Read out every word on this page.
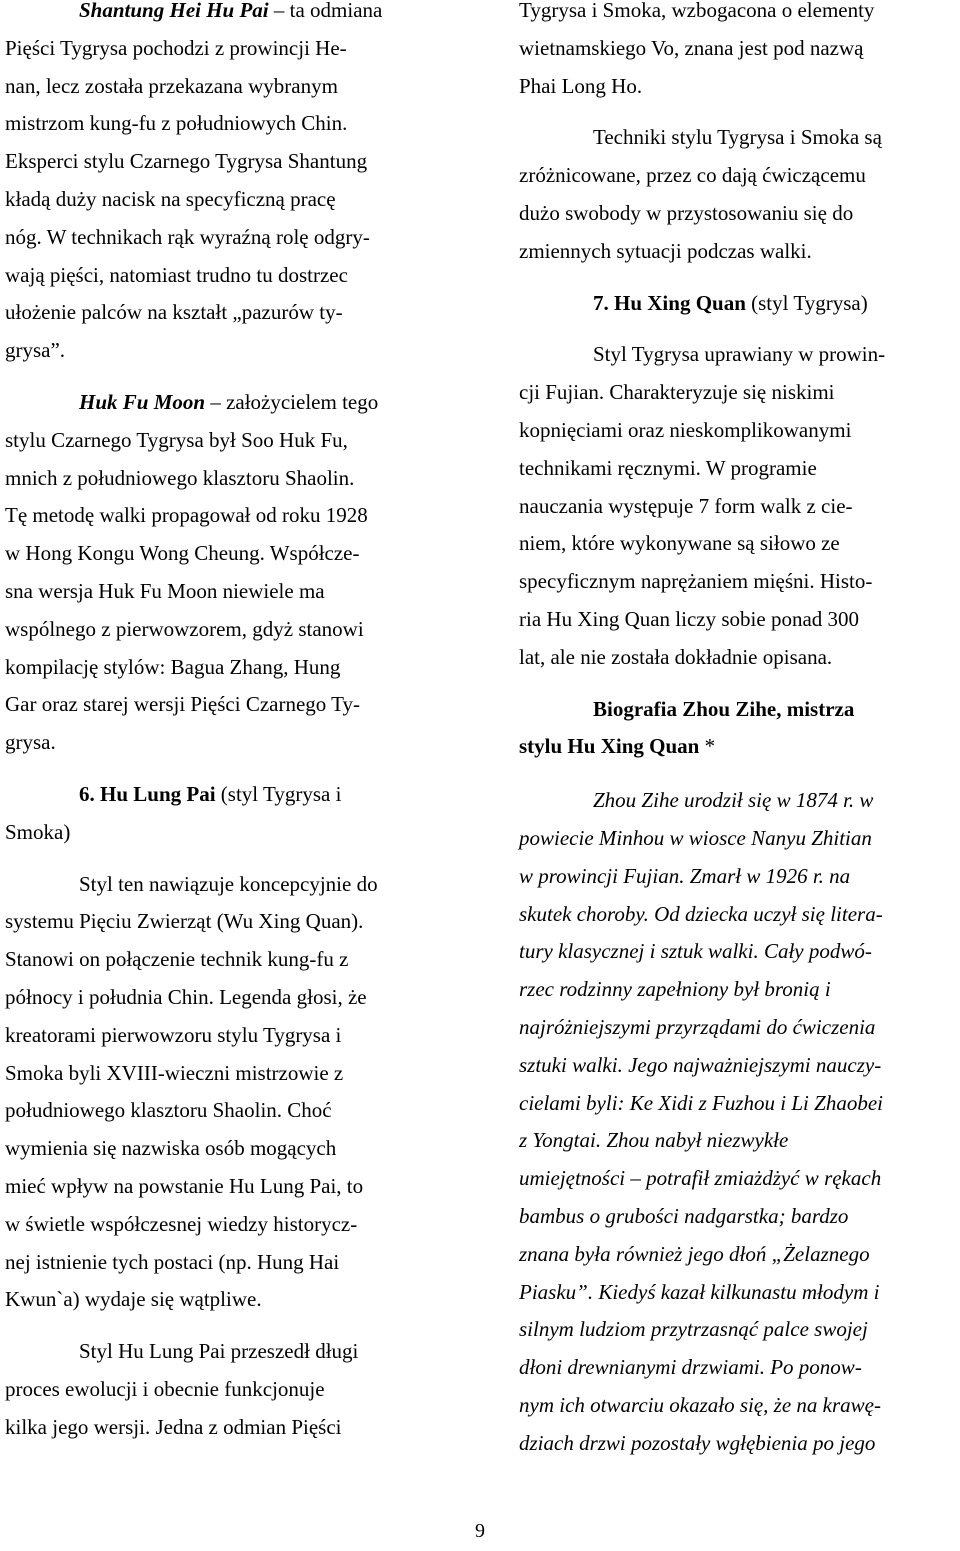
Shantung Hei Hu Pai – ta odmiana
Pięści Tygrysa pochodzi z prowincji He-
nan, lecz została przekazana wybranym
mistrzom kung-fu z południowych Chin.
Eksperci stylu Czarnego Tygrysa Shantung
kładą duży nacisk na specyficzną pracę
nóg. W technikach rąk wyraźną rolę odgry-
wają pięści, natomiast trudno tu dostrzec
ułożenie palców na kształt „pazurów ty-
grysa”.
Huk Fu Moon – założycielem tego
stylu Czarnego Tygrysa był Soo Huk Fu,
mnich z południowego klasztoru Shaolin.
Tę metodę walki propagował od roku 1928
w Hong Kongu Wong Cheung. Współcze-
sna wersja Huk Fu Moon niewiele ma
wspólnego z pierwowzorem, gdyż stanowi
kompilację stylów: Bagua Zhang, Hung
Gar oraz starej wersji Pięści Czarnego Ty-
grysa.
6. Hu Lung Pai (styl Tygrysa i
Smoka)
Styl ten nawiązuje koncepcyjnie do
systemu Pięciu Zwierząt (Wu Xing Quan).
Stanowi on połączenie technik kung-fu z
północy i południa Chin. Legenda głosi, że
kreatorami pierwowzoru stylu Tygrysa i
Smoka byli XVIII-wieczni mistrzowie z
południowego klasztoru Shaolin. Choć
wymienia się nazwiska osób mogących
mieć wpływ na powstanie Hu Lung Pai, to
w świetle współczesnej wiedzy historycz-
nej istnienie tych postaci (np. Hung Hai
Kwun`a) wydaje się wątpliwe.
Styl Hu Lung Pai przeszedł długi
proces ewolucji i obecnie funkcjonuje
kilka jego wersji. Jedna z odmian Pięści
Tygrysa i Smoka, wzbogacona o elementy
wietnamskiego Vo, znana jest pod nazwą
Phai Long Ho.
Techniki stylu Tygrysa i Smoka są
zróżnicowane, przez co dają ćwiczącemu
dużo swobody w przystosowaniu się do
zmiennych sytuacji podczas walki.
7. Hu Xing Quan (styl Tygrysa)
Styl Tygrysa uprawiany w prowin-
cji Fujian. Charakteryzuje się niskimi
kopnięciami oraz nieskomplikowanymi
technikami ręcznymi. W programie
nauczania występuje 7 form walk z cie-
niem, które wykonywane są siłowo ze
specyficznym naprężaniem mięśni. Histo-
ria Hu Xing Quan liczy sobie ponad 300
lat, ale nie została dokładnie opisana.
Biografia Zhou Zihe, mistrza
stylu Hu Xing Quan *
Zhou Zihe urodził się w 1874 r. w
powiecie Minhou w wiosce Nanyu Zhitian
w prowincji Fujian. Zmarł w 1926 r. na
skutek choroby. Od dziecka uczył się litera-
tury klasycznej i sztuk walki. Cały podwó-
rzec rodzinny zapełniony był bronią i
najróżniejszymi przyrządami do ćwiczenia
sztuki walki. Jego najważniejszymi nauczy-
cielami byli: Ke Xidi z Fuzhou i Li Zhaobei
z Yongtai. Zhou nabył niezwykłe
umiejętności – potrafił zmiażdżyć w rękach
bambus o grubości nadgarstka; bardzo
znana była również jego dłoń „Żelaznego
Piasku”. Kiedyś kazał kilkunastu młodym i
silnym ludziom przytrzasnąć palce swojej
dłoni drewnianymi drzwiami. Po ponow-
nym ich otwarciu okazało się, że na krawę-
dziach drzwi pozostały wgłębienia po jego
9
